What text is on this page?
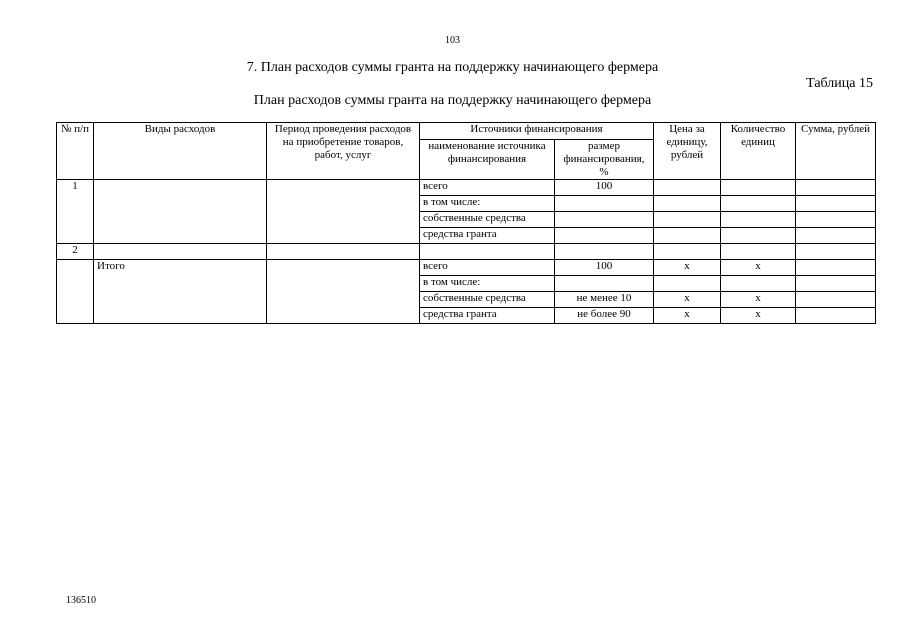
103
7. План расходов суммы гранта на поддержку начинающего фермера
Таблица 15
План расходов суммы гранта на поддержку начинающего фермера
№ п/п	Виды расходов	Период проведения расходов на приобретение товаров, работ, услуг	Источники финансирования		Цена за единицу, рублей	Количество единиц	Сумма, рублей
			наименование источника финансирования	размер финансирования, %			
1			всего	100			
			в том числе:				
			собственные средства				
			средства гранта				
2							
	Итого		всего	100	х	х	
			в том числе:				
			собственные средства	не менее 10	х	х	
			средства гранта	не более 90	х	х	
136510
